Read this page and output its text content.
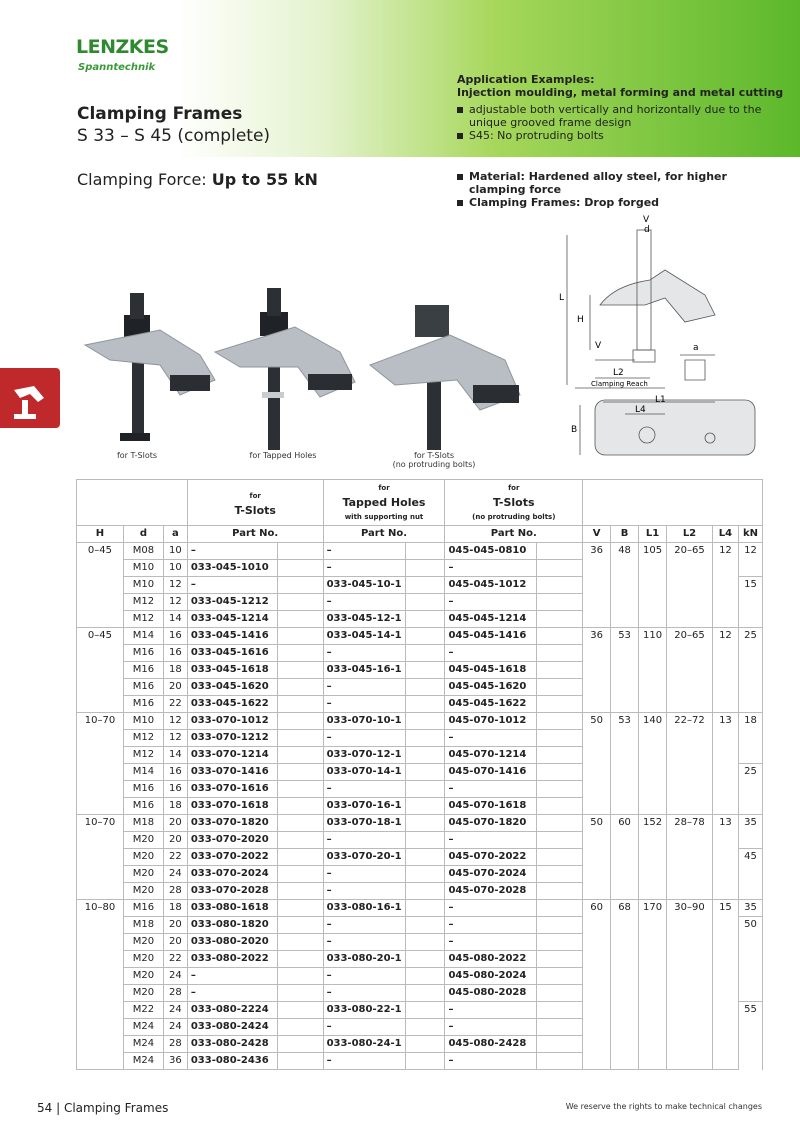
LENZKES
Spanntechnik
Clamping Frames
S 33 – S 45 (complete)
Clamping Force: Up to 55 kN
Application Examples:
Injection moulding, metal forming and metal cutting
adjustable both vertically and horizontally due to the unique grooved frame design
S45: No protruding bolts
Material: Hardened alloy steel, for higher clamping force
Clamping Frames: Drop forged
for T-Slots	for Tapped Holes	for T-Slots
(no protruding bolts)
V
d
L
H
V	a
L2
Clamping Reach
L1
L4
B
			for
T-Slots		for
Tapped Holes
with supporting nut		for
T-Slots
(no protruding bolts)							
H	d	a	Part No.		Part No.		Part No.		V	B	L1	L2	L4	kN
0–45	M08	10	–		–		045-045-0810		36	48	105	20–65	12	12
	M10	10	033-045-1010		–		–							
	M10	12	–		033-045-10-1		045-045-1012							15
	M12	12	033-045-1212		–		–							
	M12	14	033-045-1214		033-045-12-1		045-045-1214							
0–45	M14	16	033-045-1416		033-045-14-1		045-045-1416		36	53	110	20–65	12	25
	M16	16	033-045-1616		–		–							
	M16	18	033-045-1618		033-045-16-1		045-045-1618							
	M16	20	033-045-1620		–		045-045-1620							
	M16	22	033-045-1622		–		045-045-1622							
10–70	M10	12	033-070-1012		033-070-10-1		045-070-1012		50	53	140	22–72	13	18
	M12	12	033-070-1212		–		–							
	M12	14	033-070-1214		033-070-12-1		045-070-1214							
	M14	16	033-070-1416		033-070-14-1		045-070-1416							25
	M16	16	033-070-1616		–		–							
	M16	18	033-070-1618		033-070-16-1		045-070-1618							
10–70	M18	20	033-070-1820		033-070-18-1		045-070-1820		50	60	152	28–78	13	35
	M20	20	033-070-2020		–		–							
	M20	22	033-070-2022		033-070-20-1		045-070-2022							45
	M20	24	033-070-2024		–		045-070-2024							
	M20	28	033-070-2028		–		045-070-2028							
10–80	M16	18	033-080-1618		033-080-16-1		–		60	68	170	30–90	15	35
	M18	20	033-080-1820		–		–							50
	M20	20	033-080-2020		–		–							
	M20	22	033-080-2022		033-080-20-1		045-080-2022							
	M20	24	–		–		045-080-2024							
	M20	28	–		–		045-080-2028							
	M22	24	033-080-2224		033-080-22-1		–							55
	M24	24	033-080-2424		–		–							
	M24	28	033-080-2428		033-080-24-1		045-080-2428							
	M24	36	033-080-2436		–		–							
54 | Clamping Frames	We reserve the rights to make technical changes
